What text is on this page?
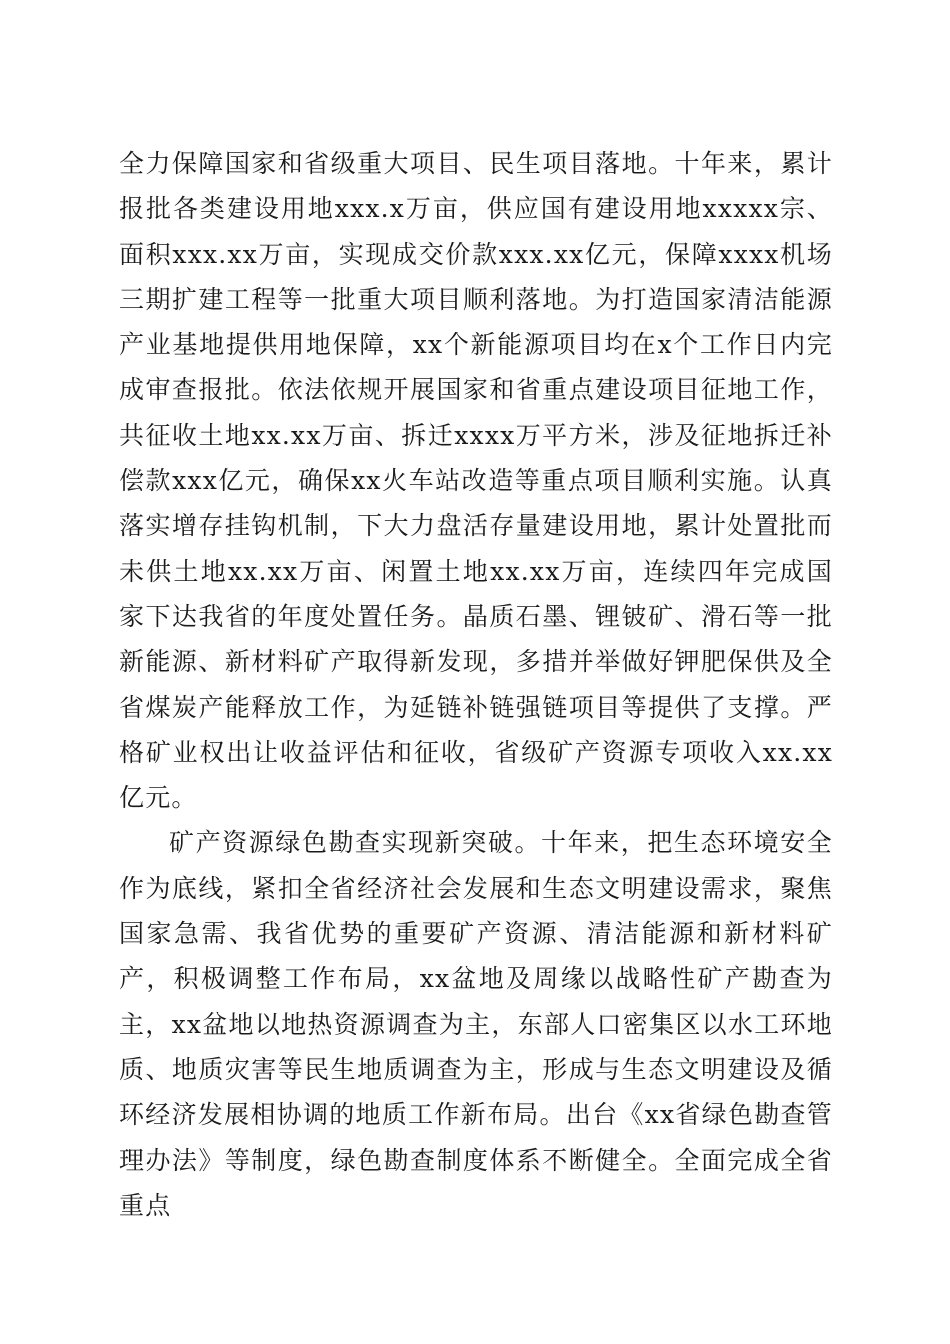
全力保障国家和省级重大项目、民生项目落地。十年来，累计报批各类建设用地xxx.x万亩，供应国有建设用地xxxxx宗、面积xxx.xx万亩，实现成交价款xxx.xx亿元，保障xxxx机场三期扩建工程等一批重大项目顺利落地。为打造国家清洁能源产业基地提供用地保障，xx个新能源项目均在x个工作日内完成审查报批。依法依规开展国家和省重点建设项目征地工作，共征收土地xx.xx万亩、拆迁xxxx万平方米，涉及征地拆迁补偿款xxx亿元，确保xx火车站改造等重点项目顺利实施。认真落实增存挂钩机制，下大力盘活存量建设用地，累计处置批而未供土地xx.xx万亩、闲置土地xx.xx万亩，连续四年完成国家下达我省的年度处置任务。晶质石墨、锂铍矿、滑石等一批新能源、新材料矿产取得新发现，多措并举做好钾肥保供及全省煤炭产能释放工作，为延链补链强链项目等提供了支撑。严格矿业权出让收益评估和征收，省级矿产资源专项收入xx.xx亿元。

矿产资源绿色勘查实现新突破。十年来，把生态环境安全作为底线，紧扣全省经济社会发展和生态文明建设需求，聚焦国家急需、我省优势的重要矿产资源、清洁能源和新材料矿产，积极调整工作布局，xx盆地及周缘以战略性矿产勘查为主，xx盆地以地热资源调查为主，东部人口密集区以水工环地质、地质灾害等民生地质调查为主，形成与生态文明建设及循环经济发展相协调的地质工作新布局。出台《xx省绿色勘查管理办法》等制度，绿色勘查制度体系不断健全。全面完成全省重点
